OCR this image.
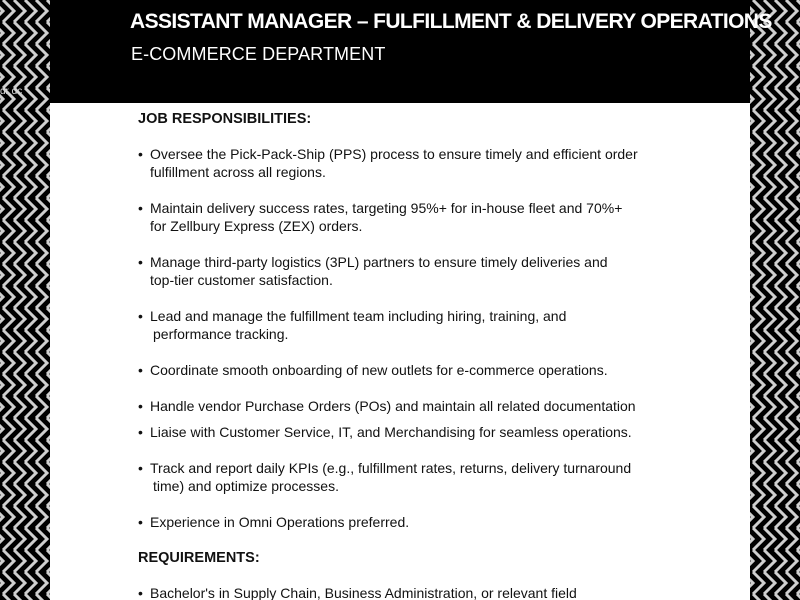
ASSISTANT MANAGER – FULFILLMENT & DELIVERY OPERATIONS
E-COMMERCE DEPARTMENT
dr dc
JOB RESPONSIBILITIES:
• Oversee the Pick-Pack-Ship (PPS) process to ensure timely and efficient order
fulfillment across all regions.
• Maintain delivery success rates, targeting 95%+ for in-house fleet and 70%+
for Zellbury Express (ZEX) orders.
• Manage third-party logistics (3PL) partners to ensure timely deliveries and
top-tier customer satisfaction.
• Lead and manage the fulfillment team including hiring, training, and
performance tracking.
• Coordinate smooth onboarding of new outlets for e-commerce operations.
• Handle vendor Purchase Orders (POs) and maintain all related documentation
• Liaise with Customer Service, IT, and Merchandising for seamless operations.
• Track and report daily KPIs (e.g., fulfillment rates, returns, delivery turnaround
time) and optimize processes.
• Experience in Omni Operations preferred.
REQUIREMENTS:
• Bachelor's in Supply Chain, Business Administration, or relevant field
